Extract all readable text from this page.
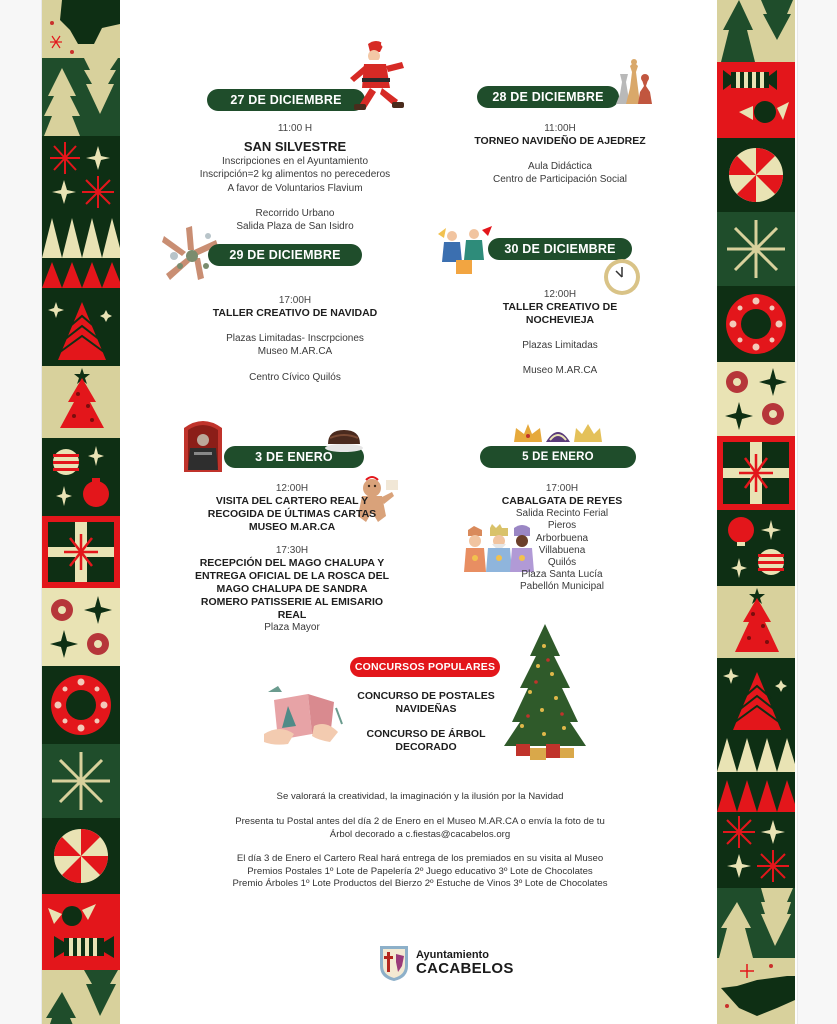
27 DE DICIEMBRE
11:00 H
SAN SILVESTRE
Inscripciones en el Ayuntamiento
Inscripción=2 kg alimentos no perecederos
A favor de Voluntarios Flavium
Recorrido Urbano
Salida Plaza de San Isidro
28 DE DICIEMBRE
11:00H
TORNEO NAVIDEÑO DE AJEDREZ
Aula Didáctica
Centro de Participación Social
29 DE DICIEMBRE
17:00H
TALLER CREATIVO DE NAVIDAD
Plazas Limitadas- Inscrpciones
Museo M.AR.CA
Centro Cívico Quilós
30 DE DICIEMBRE
12:00H
TALLER CREATIVO DE
NOCHEVIEJA
Plazas Limitadas
Museo M.AR.CA
3 DE ENERO
12:00H
VISITA DEL CARTERO REAL Y
RECOGIDA DE ÚLTIMAS CARTAS
MUSEO M.AR.CA
17:30H
RECEPCIÓN DEL MAGO CHALUPA Y
ENTREGA OFICIAL DE LA ROSCA DEL
MAGO CHALUPA DE SANDRA
ROMERO PATISSERIE AL EMISARIO
REAL
Plaza Mayor
5 DE ENERO
17:00H
CABALGATA DE REYES
Salida Recinto Ferial
Pieros
Arborbuena
Villabuena
Quilós
Plaza Santa Lucía
Pabellón Municipal
CONCURSOS POPULARES
CONCURSO DE POSTALES
NAVIDEÑAS
CONCURSO DE ÁRBOL
DECORADO
Se valorará la creatividad, la imaginación y la ilusión por la Navidad
Presenta tu Postal antes del día 2 de Enero en el Museo M.AR.CA o envía la foto de tu
Árbol decorado a c.fiestas@cacabelos.org
El día 3 de Enero el Cartero Real hará entrega de los premiados en su visita al Museo
Premios Postales 1º Lote de Papelería 2º Juego educativo 3º Lote de Chocolates
Premio Árboles 1º Lote Productos del Bierzo 2º Estuche de Vinos 3º Lote de Chocolates
Ayuntamiento
CACABELOS
